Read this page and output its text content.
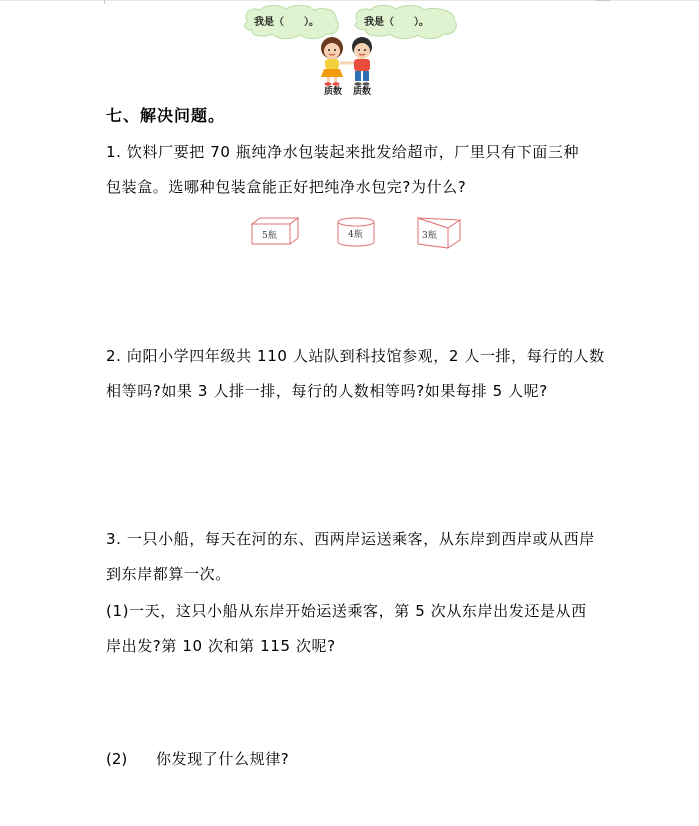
我是（　　）。	我是（　　）。
质数 质数
七、解决问题。

1. 饮料厂要把 70 瓶纯净水包装起来批发给超市，厂里只有下面三种

包装盒。选哪种包装盒能正好把纯净水包完?为什么?

5瓶	4瓶	3瓶

2. 向阳小学四年级共 110 人站队到科技馆参观，2 人一排，每行的人数

相等吗?如果 3 人排一排，每行的人数相等吗?如果每排 5 人呢?

3. 一只小船，每天在河的东、西两岸运送乘客，从东岸到西岸或从西岸

到东岸都算一次。

(1)一天，这只小船从东岸开始运送乘客，第 5 次从东岸出发还是从西

岸出发?第 10 次和第 115 次呢?

(2) 你发现了什么规律?
